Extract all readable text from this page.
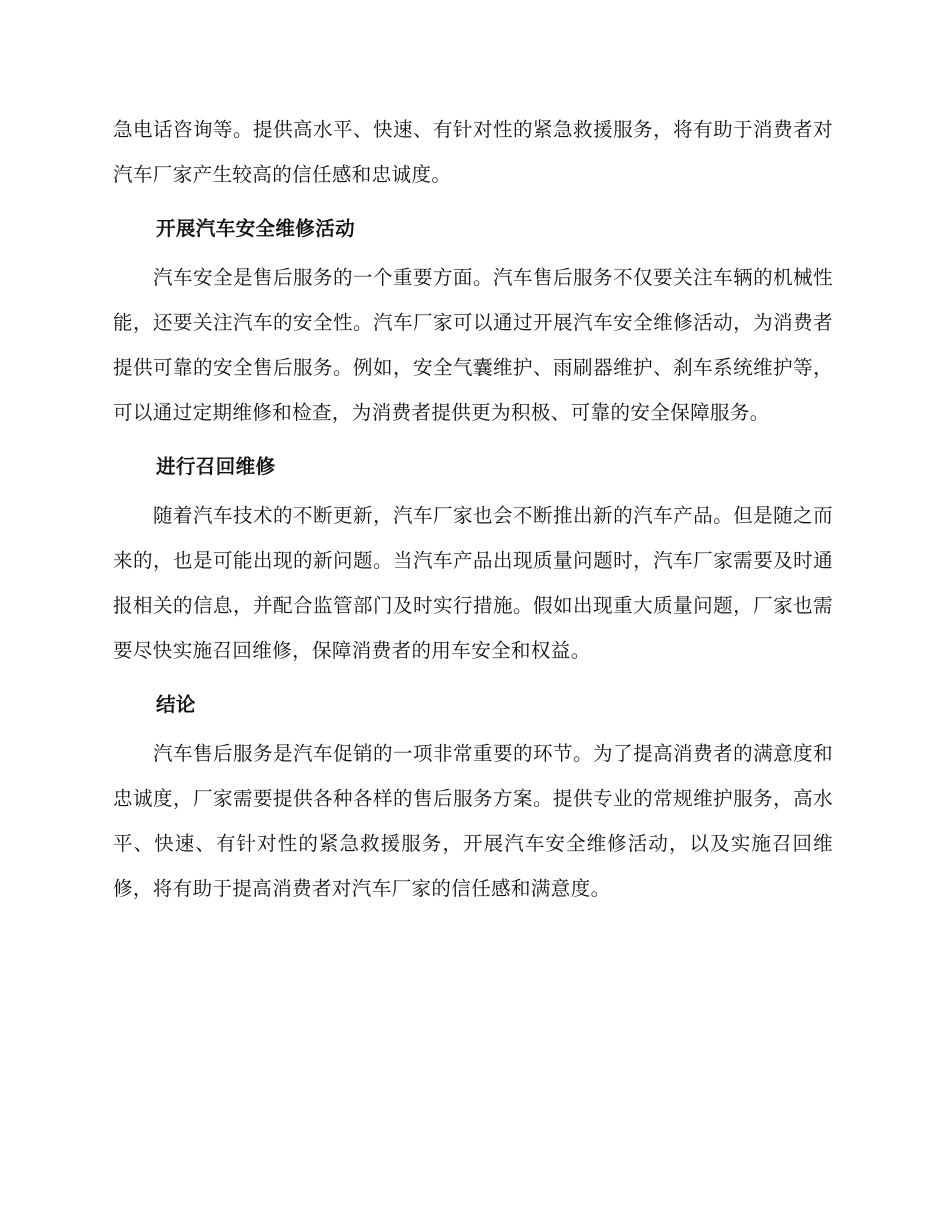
急电话咨询等。提供高水平、快速、有针对性的紧急救援服务，将有助于消费者对汽车厂家产生较高的信任感和忠诚度。

开展汽车安全维修活动

汽车安全是售后服务的一个重要方面。汽车售后服务不仅要关注车辆的机械性能，还要关注汽车的安全性。汽车厂家可以通过开展汽车安全维修活动，为消费者提供可靠的安全售后服务。例如，安全气囊维护、雨刷器维护、刹车系统维护等，可以通过定期维修和检查，为消费者提供更为积极、可靠的安全保障服务。

进行召回维修

随着汽车技术的不断更新，汽车厂家也会不断推出新的汽车产品。但是随之而来的，也是可能出现的新问题。当汽车产品出现质量问题时，汽车厂家需要及时通报相关的信息，并配合监管部门及时实行措施。假如出现重大质量问题，厂家也需要尽快实施召回维修，保障消费者的用车安全和权益。

结论

汽车售后服务是汽车促销的一项非常重要的环节。为了提高消费者的满意度和忠诚度，厂家需要提供各种各样的售后服务方案。提供专业的常规维护服务，高水平、快速、有针对性的紧急救援服务，开展汽车安全维修活动，以及实施召回维修，将有助于提高消费者对汽车厂家的信任感和满意度。
